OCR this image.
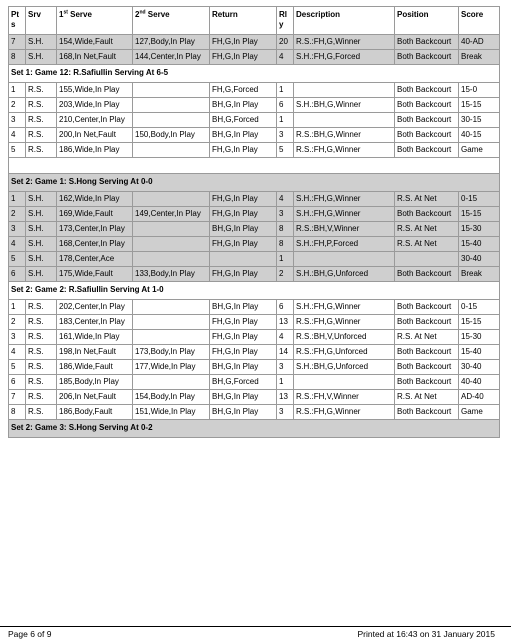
Pt s	Srv	1st Serve	2nd Serve	Return	Rl y	Description	Position	Score
7	S.H.	154,Wide,Fault	127,Body,In Play	FH,G,In Play	20	R.S.:FH,G,Winner	Both Backcourt	40-AD
8	S.H.	168,In Net,Fault	144,Center,In Play	FH,G,In Play	4	S.H.:FH,G,Forced	Both Backcourt	Break
Set 1: Game 12: R.Safiullin Serving At 6-5								
1	R.S.	155,Wide,In Play		FH,G,Forced	1		Both Backcourt	15-0
2	R.S.	203,Wide,In Play		BH,G,In Play	6	S.H.:BH,G,Winner	Both Backcourt	15-15
3	R.S.	210,Center,In Play		BH,G,Forced	1		Both Backcourt	30-15
4	R.S.	200,In Net,Fault	150,Body,In Play	BH,G,In Play	3	R.S.:BH,G,Winner	Both Backcourt	40-15
5	R.S.	186,Wide,In Play		FH,G,In Play	5	R.S.:FH,G,Winner	Both Backcourt	Game

Set 2: Game 1: S.Hong Serving At 0-0								
1	S.H.	162,Wide,In Play		FH,G,In Play	4	S.H.:FH,G,Winner	R.S. At Net	0-15
2	S.H.	169,Wide,Fault	149,Center,In Play	FH,G,In Play	3	S.H.:FH,G,Winner	Both Backcourt	15-15
3	S.H.	173,Center,In Play		BH,G,In Play	8	R.S.:BH,V,Winner	R.S. At Net	15-30
4	S.H.	168,Center,In Play		FH,G,In Play	8	S.H.:FH,P,Forced	R.S. At Net	15-40
5	S.H.	178,Center,Ace			1			30-40
6	S.H.	175,Wide,Fault	133,Body,In Play	FH,G,In Play	2	S.H.:BH,G,Unforced	Both Backcourt	Break
Set 2: Game 2: R.Safiullin Serving At 1-0								
1	R.S.	202,Center,In Play		BH,G,In Play	6	S.H.:FH,G,Winner	Both Backcourt	0-15
2	R.S.	183,Center,In Play		FH,G,In Play	13	R.S.:FH,G,Winner	Both Backcourt	15-15
3	R.S.	161,Wide,In Play		FH,G,In Play	4	R.S.:BH,V,Unforced	R.S. At Net	15-30
4	R.S.	198,In Net,Fault	173,Body,In Play	FH,G,In Play	14	R.S.:FH,G,Unforced	Both Backcourt	15-40
5	R.S.	186,Wide,Fault	177,Wide,In Play	BH,G,In Play	3	S.H.:BH,G,Unforced	Both Backcourt	30-40
6	R.S.	185,Body,In Play		BH,G,Forced	1		Both Backcourt	40-40
7	R.S.	206,In Net,Fault	154,Body,In Play	BH,G,In Play	13	R.S.:FH,V,Winner	R.S. At Net	AD-40
8	R.S.	186,Body,Fault	151,Wide,In Play	BH,G,In Play	3	R.S.:FH,G,Winner	Both Backcourt	Game
Set 2: Game 3: S.Hong Serving At 0-2								
Page 6 of 9	Printed at 16:43 on 31 January 2015
